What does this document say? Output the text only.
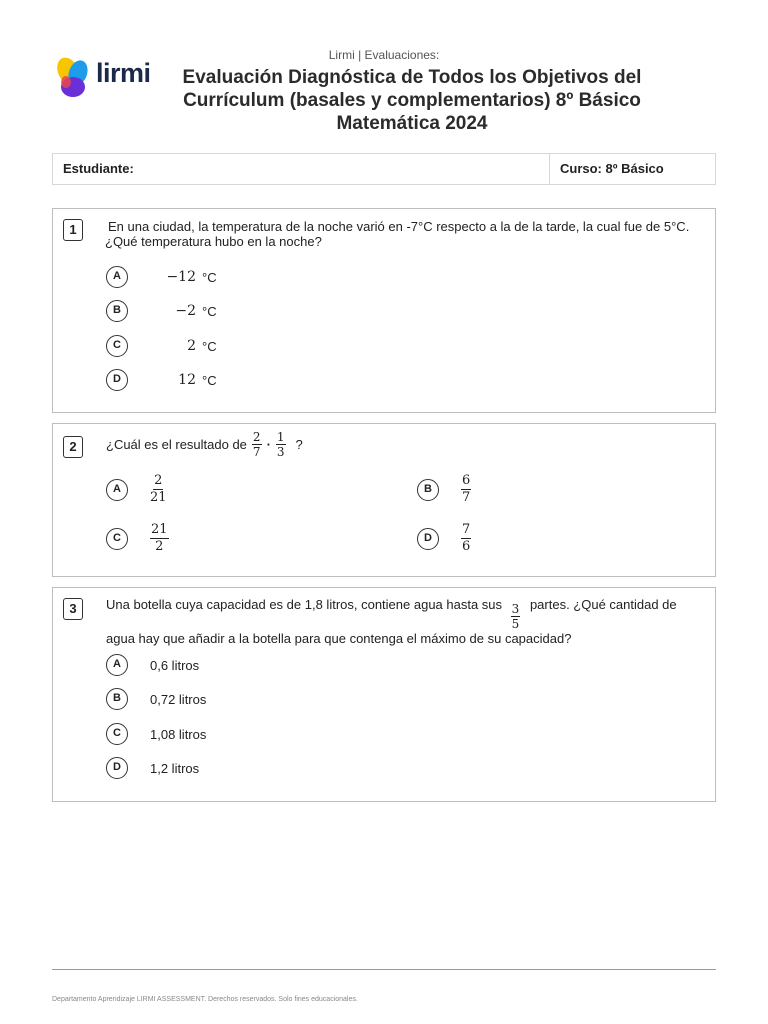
Lirmi | Evaluaciones:
lirmi	Evaluación Diagnóstica de Todos los Objetivos del
Currículum (basales y complementarios) 8º Básico
Matemática 2024
Estudiante:	Curso: 8º Básico
1	En una ciudad, la temperatura de la noche varió en -7°C respecto a la de la tarde, la cual fue de 5°C. ¿Qué temperatura hubo en la noche?
A	−12 °C
B	−2 °C
C	2 °C
D	12 °C
2	¿Cuál es el resultado de $\frac{2}{7} \cdot \frac{1}{3}$ ?
A	$\frac{2}{21}$	B	$\frac{6}{7}$
C	$\frac{21}{2}$	D	$\frac{7}{6}$
3	Una botella cuya capacidad es de 1,8 litros, contiene agua hasta sus $\frac{3}{5}$ partes. ¿Qué cantidad de agua hay que añadir a la botella para que contenga el máximo de su capacidad?
A	0,6 litros
B	0,72 litros
C	1,08 litros
D	1,2 litros
Departamento Aprendizaje LIRMI ASSESSMENT. Derechos reservados. Solo fines educacionales.
